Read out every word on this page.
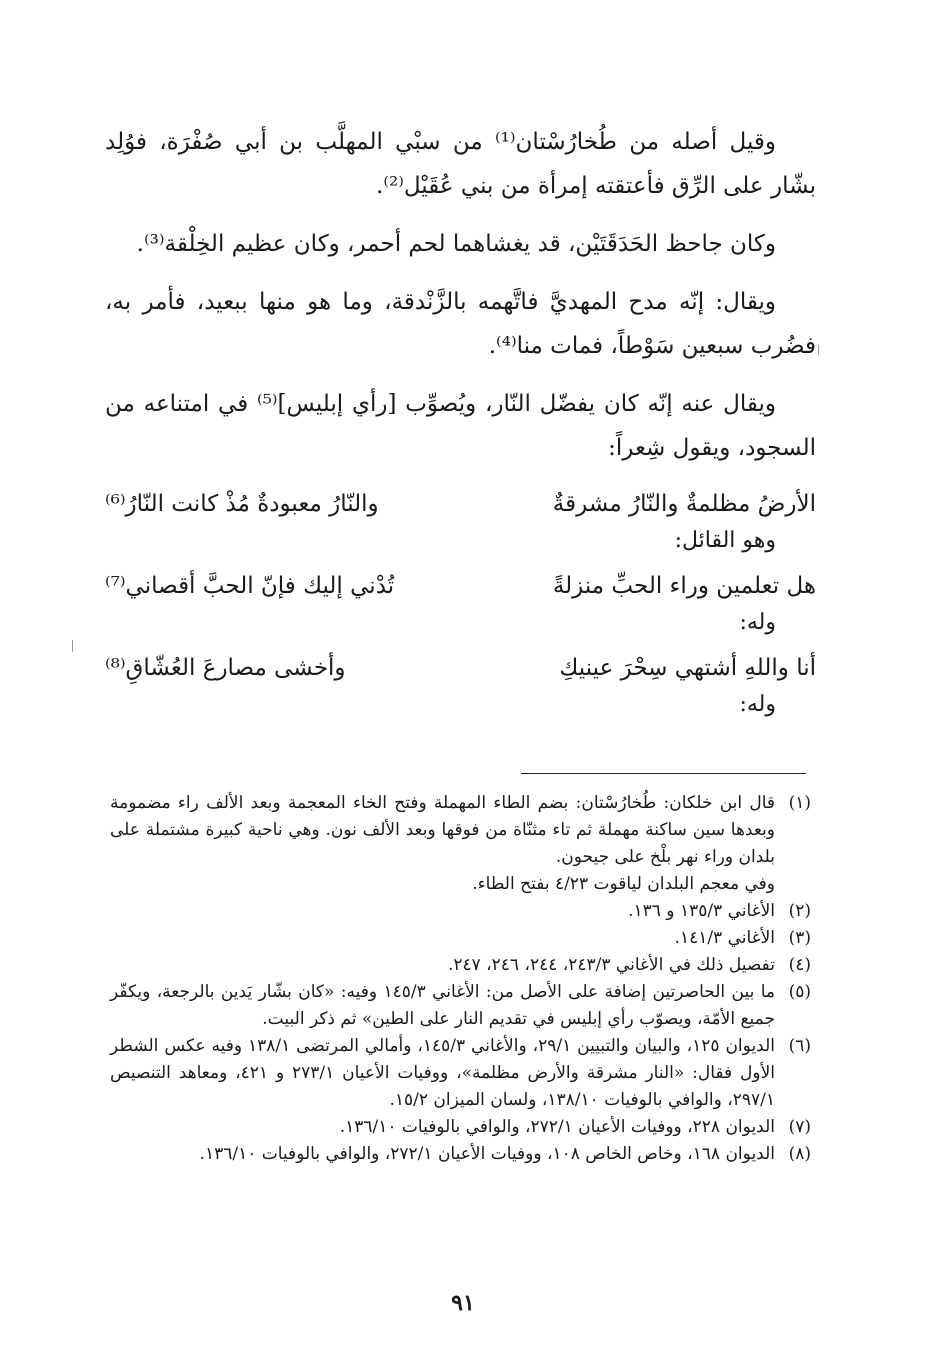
وقيل أصله من طُخارُسْتان⁽¹⁾ من سبْي المهلَّب بن أبي صُفْرَة، فوُلِد بشّار على الرِّق فأعتقته إمرأة من بني عُقَيْل⁽²⁾.

وكان جاحظ الحَدَقَتَيْن، قد يغشاهما لحم أحمر، وكان عظيم الخِلْقة⁽³⁾.

ويقال: إنّه مدح المهديَّ فاتَّهمه بالزَّنْدقة، وما هو منها ببعيد، فأمر به، فضُرب سبعين سَوْطاً، فمات منا⁽⁴⁾.

ويقال عنه إنّه كان يفضّل النّار، ويُصوِّب [رأي إبليس]⁽⁵⁾ في امتناعه من السجود، ويقول شِعراً:

الأرضُ مظلمةٌ والنّارُ مشرقةٌ
والنّارُ معبودةٌ مُذْ كانت النّارُ⁽⁶⁾
وهو القائل:
هل تعلمين وراء الحبِّ منزلةً
تُدْني إليك فإنّ الحبَّ أقصاني⁽⁷⁾
وله:
أنا واللهِ أشتهي سِحْرَ عينيكِ
وأخشى مصارعَ العُشّاقِ⁽⁸⁾
وله:
(١)
قال ابن خلكان: طُخارُسْتان: بضم الطاء المهملة وفتح الخاء المعجمة وبعد الألف راء مضمومة وبعدها سين ساكنة مهملة ثم تاء مثنّاة من فوقها وبعد الألف نون. وهي ناحية كبيرة مشتملة على بلدان وراء نهر بلْخ على جيحون.
وفي معجم البلدان لياقوت ٤/٢٣ بفتح الطاء.
(٢)
الأغاني ١٣٥/٣ و ١٣٦.
(٣)
الأغاني ١٤١/٣.
(٤)
تفصيل ذلك في الأغاني ٢٤٣/٣، ٢٤٤، ٢٤٦، ٢٤٧.
(٥)
ما بين الحاصرتين إضافة على الأصل من: الأغاني ١٤٥/٣ وفيه: «كان بشّار يَدين بالرجعة، ويكفّر جميع الأمّة، ويصوّب رأي إبليس في تقديم النار على الطين» ثم ذكر البيت.
(٦)
الديوان ١٢٥، والبيان والتبيين ٢٩/١، والأغاني ١٤٥/٣، وأمالي المرتضى ١٣٨/١ وفيه عكس الشطر الأول فقال: «النار مشرقة والأرض مظلمة»، ووفيات الأعيان ٢٧٣/١ و ٤٢١، ومعاهد التنصيص ٢٩٧/١، والوافي بالوفيات ١٣٨/١٠، ولسان الميزان ١٥/٢.
(٧)
الديوان ٢٢٨، ووفيات الأعيان ٢٧٢/١، والوافي بالوفيات ١٣٦/١٠.
(٨)
الديوان ١٦٨، وخاص الخاص ١٠٨، ووفيات الأعيان ٢٧٢/١، والوافي بالوفيات ١٣٦/١٠.
٩١
